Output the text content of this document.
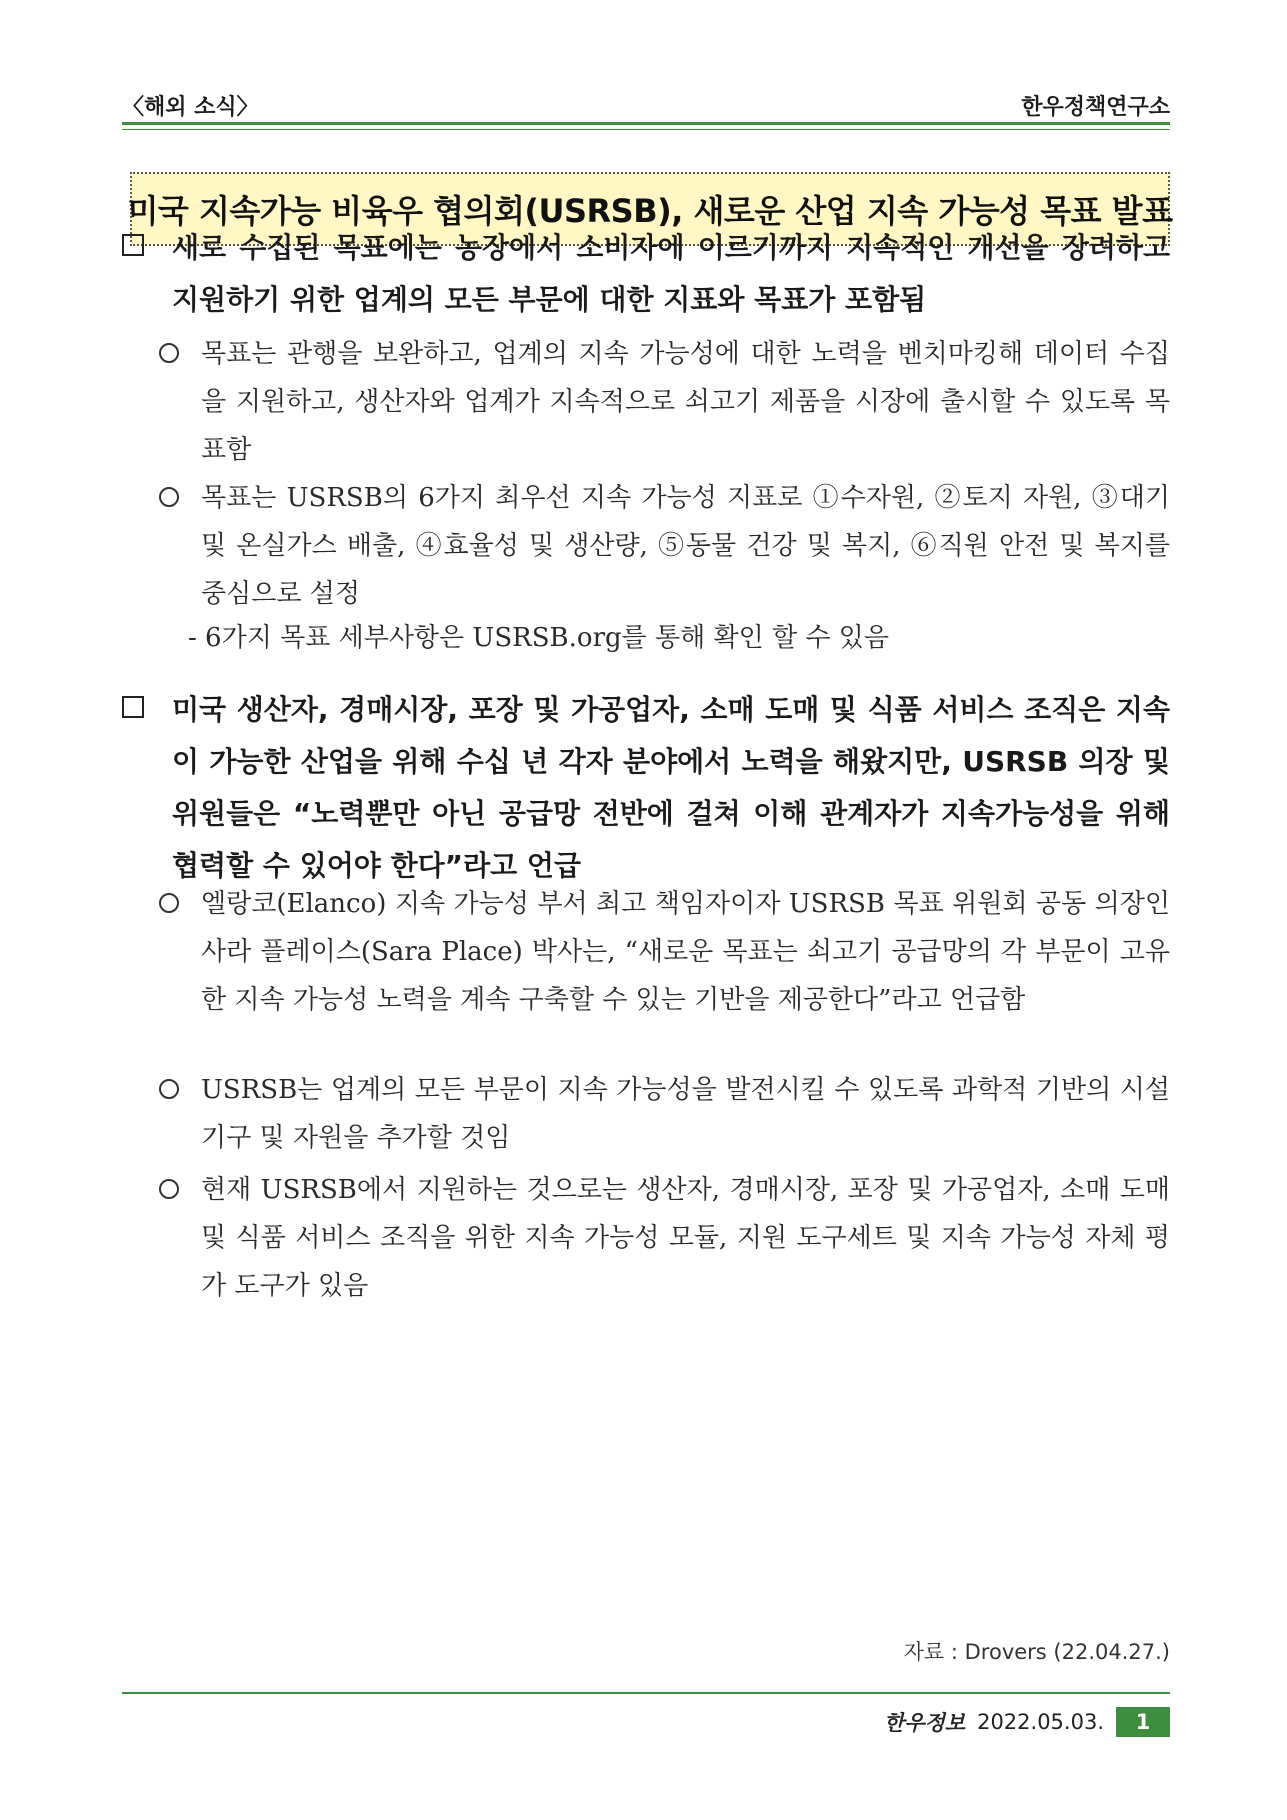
〈해외 소식〉	한우정책연구소
미국 지속가능 비육우 협의회(USRSB), 새로운 산업 지속 가능성 목표 발표
새로 수집된 목표에는 농장에서 소비자에 이르기까지 지속적인 개선을 장려하고 지원하기 위한 업계의 모든 부문에 대한 지표와 목표가 포함됨
목표는 관행을 보완하고, 업계의 지속 가능성에 대한 노력을 벤치마킹해 데이터 수집을 지원하고, 생산자와 업계가 지속적으로 쇠고기 제품을 시장에 출시할 수 있도록 목표함
목표는 USRSB의 6가지 최우선 지속 가능성 지표로 ①수자원, ②토지 자원, ③대기 및 온실가스 배출, ④효율성 및 생산량, ⑤동물 건강 및 복지, ⑥직원 안전 및 복지를 중심으로 설정
- 6가지 목표 세부사항은 USRSB.org를 통해 확인 할 수 있음
미국 생산자, 경매시장, 포장 및 가공업자, 소매 도매 및 식품 서비스 조직은 지속이 가능한 산업을 위해 수십 년 각자 분야에서 노력을 해왔지만, USRSB 의장 및 위원들은 “노력뿐만 아닌 공급망 전반에 걸쳐 이해 관계자가 지속가능성을 위해 협력할 수 있어야 한다”라고 언급
엘랑코(Elanco) 지속 가능성 부서 최고 책임자이자 USRSB 목표 위원회 공동 의장인 사라 플레이스(Sara Place) 박사는, “새로운 목표는 쇠고기 공급망의 각 부문이 고유한 지속 가능성 노력을 계속 구축할 수 있는 기반을 제공한다”라고 언급함
USRSB는 업계의 모든 부문이 지속 가능성을 발전시킬 수 있도록 과학적 기반의 시설 기구 및 자원을 추가할 것임
현재 USRSB에서 지원하는 것으로는 생산자, 경매시장, 포장 및 가공업자, 소매 도매 및 식품 서비스 조직을 위한 지속 가능성 모듈, 지원 도구세트 및 지속 가능성 자체 평가 도구가 있음
자료 : Drovers (22.04.27.)
한우정보 2022.05.03.	1
